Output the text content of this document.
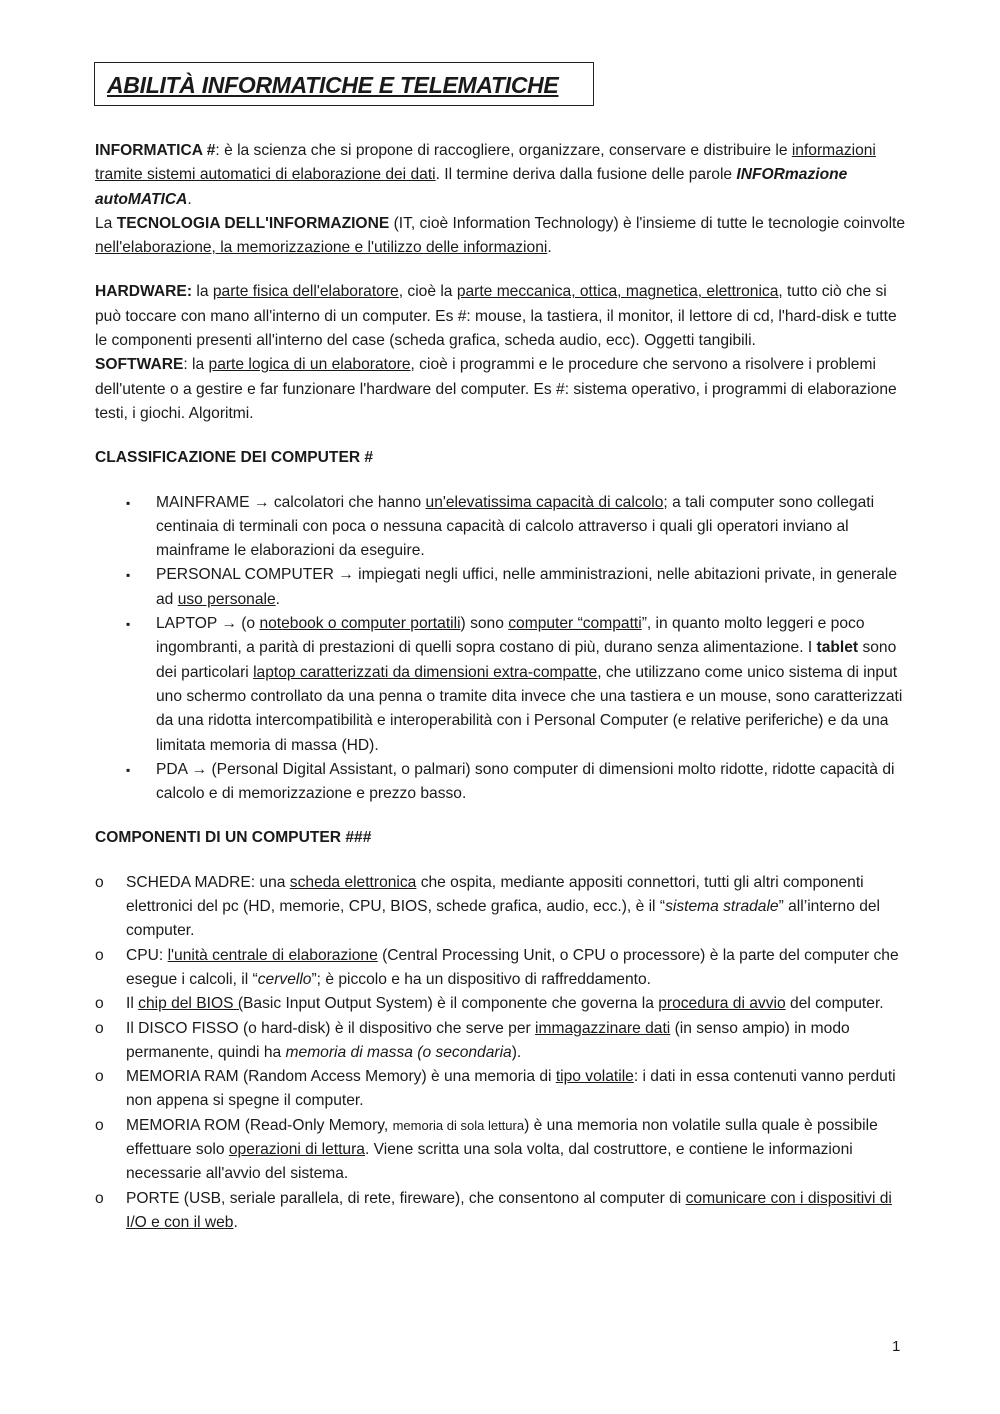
ABILITÀ INFORMATICHE E TELEMATICHE

INFORMATICA #: è la scienza che si propone di raccogliere, organizzare, conservare e distribuire le informazioni tramite sistemi automatici di elaborazione dei dati. Il termine deriva dalla fusione delle parole INFORmazione autoMATICA.

La TECNOLOGIA DELL'INFORMAZIONE (IT, cioè Information Technology) è l'insieme di tutte le tecnologie coinvolte nell'elaborazione, la memorizzazione e l'utilizzo delle informazioni.

HARDWARE: la parte fisica dell'elaboratore, cioè la parte meccanica, ottica, magnetica, elettronica, tutto ciò che si può toccare con mano all'interno di un computer. Es #: mouse, la tastiera, il monitor, il lettore di cd, l'hard-disk e tutte le componenti presenti all'interno del case (scheda grafica, scheda audio, ecc). Oggetti tangibili.

SOFTWARE: la parte logica di un elaboratore, cioè i programmi e le procedure che servono a risolvere i problemi dell'utente o a gestire e far funzionare l'hardware del computer. Es #: sistema operativo, i programmi di elaborazione testi, i giochi. Algoritmi.

CLASSIFICAZIONE DEI COMPUTER #

▪ MAINFRAME → calcolatori che hanno un'elevatissima capacità di calcolo; a tali computer sono collegati centinaia di terminali con poca o nessuna capacità di calcolo attraverso i quali gli operatori inviano al mainframe le elaborazioni da eseguire.
▪ PERSONAL COMPUTER → impiegati negli uffici, nelle amministrazioni, nelle abitazioni private, in generale ad uso personale.
▪ LAPTOP → (o notebook o computer portatili) sono computer “compatti”, in quanto molto leggeri e poco ingombranti, a parità di prestazioni di quelli sopra costano di più, durano senza alimentazione. I tablet sono dei particolari laptop caratterizzati da dimensioni extra-compatte, che utilizzano come unico sistema di input uno schermo controllato da una penna o tramite dita invece che una tastiera e un mouse, sono caratterizzati da una ridotta intercompatibilità e interoperabilità con i Personal Computer (e relative periferiche) e da una limitata memoria di massa (HD).
▪ PDA → (Personal Digital Assistant, o palmari) sono computer di dimensioni molto ridotte, ridotte capacità di calcolo e di memorizzazione e prezzo basso.

COMPONENTI DI UN COMPUTER ###

o SCHEDA MADRE: una scheda elettronica che ospita, mediante appositi connettori, tutti gli altri componenti elettronici del pc (HD, memorie, CPU, BIOS, schede grafica, audio, ecc.), è il “sistema stradale” all’interno del computer.
o CPU: l'unità centrale di elaborazione (Central Processing Unit, o CPU o processore) è la parte del computer che esegue i calcoli, il “cervello”; è piccolo e ha un dispositivo di raffreddamento.
o Il chip del BIOS (Basic Input Output System) è il componente che governa la procedura di avvio del computer.
o Il DISCO FISSO (o hard-disk) è il dispositivo che serve per immagazzinare dati (in senso ampio) in modo permanente, quindi ha memoria di massa (o secondaria).
o MEMORIA RAM (Random Access Memory) è una memoria di tipo volatile: i dati in essa contenuti vanno perduti non appena si spegne il computer.
o MEMORIA ROM (Read-Only Memory, memoria di sola lettura) è una memoria non volatile sulla quale è possibile effettuare solo operazioni di lettura. Viene scritta una sola volta, dal costruttore, e contiene le informazioni necessarie all'avvio del sistema.
o PORTE (USB, seriale parallela, di rete, fireware), che consentono al computer di comunicare con i dispositivi di I/O e con il web.
1
